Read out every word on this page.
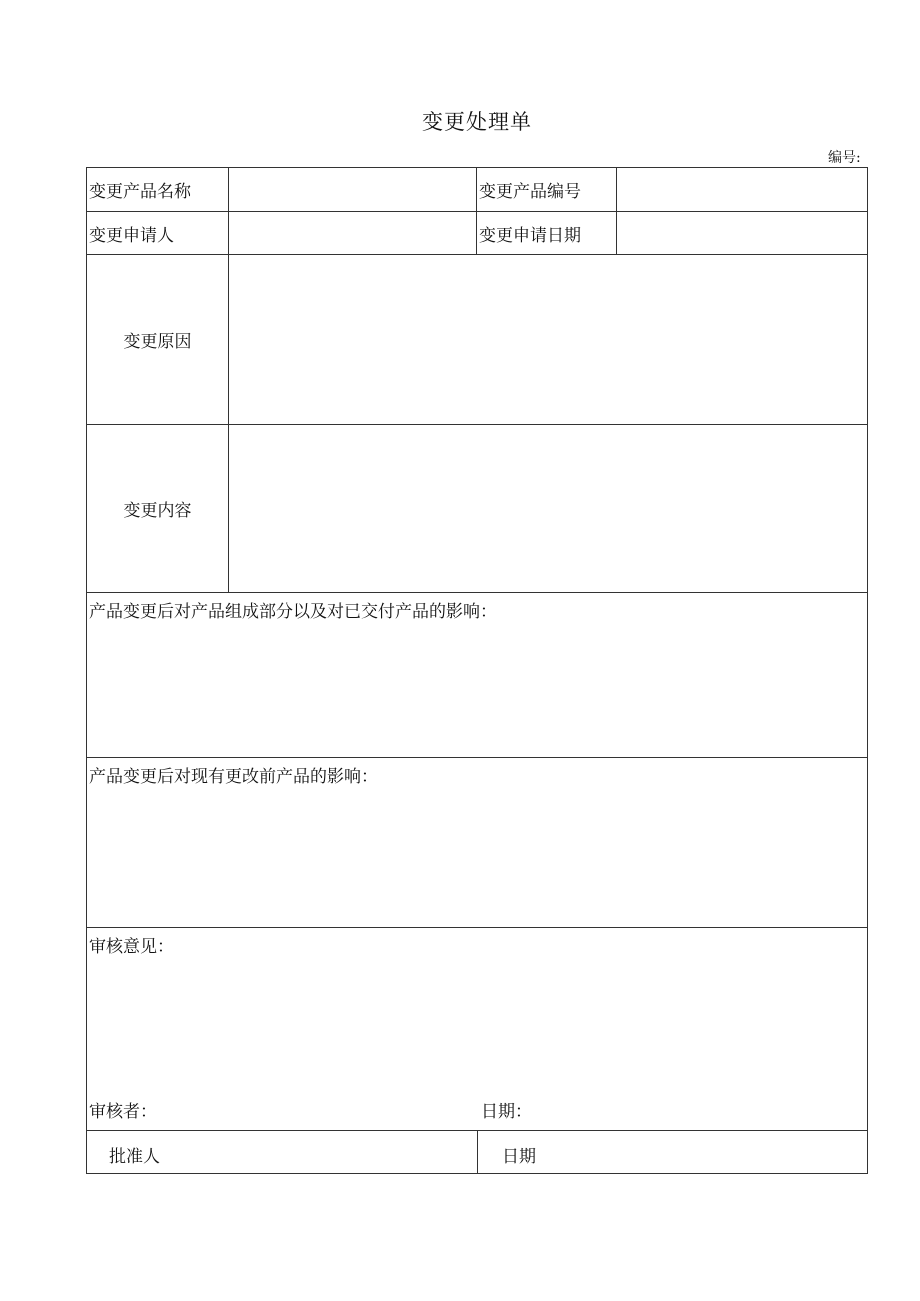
变更处理单
编号:
变更产品名称	变更产品编号
变更申请人	变更申请日期
变更原因
变更内容
产品变更后对产品组成部分以及对已交付产品的影响：
产品变更后对现有更改前产品的影响：
审核意见：
审核者：	日期：
批准人	日期
